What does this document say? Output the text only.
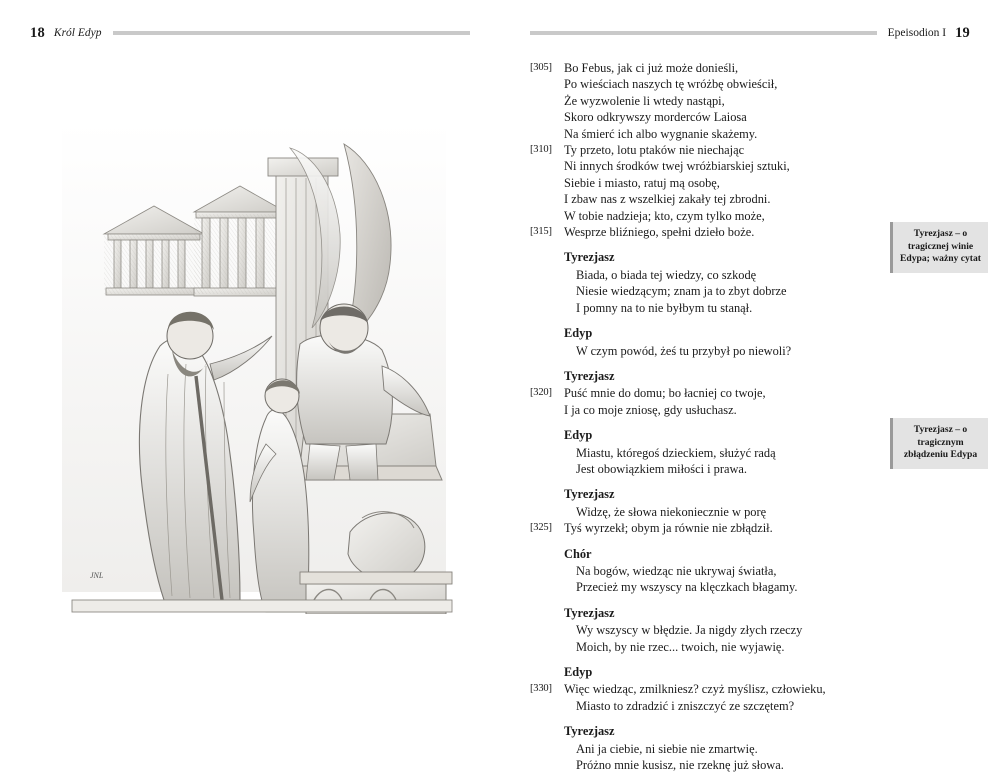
18 Król Edyp
JNL
Epeisodion I 19
[305] Bo Febus, jak ci już może donieśli,
Po wieściach naszych tę wróżbę obwieścił,
Że wyzwolenie li wtedy nastąpi,
Skoro odkrywszy morderców Laiosa
Na śmierć ich albo wygnanie skażemy.
[310] Ty przeto, lotu ptaków nie niechając
Ni innych środków twej wróżbiarskiej sztuki,
Siebie i miasto, ratuj mą osobę,
I zbaw nas z wszelkiej zakały tej zbrodni.
W tobie nadzieja; kto, czym tylko może,
[315] Wesprze bliźniego, spełni dzieło boże.
Tyrezjasz
Biada, o biada tej wiedzy, co szkodę
Niesie wiedzącym; znam ja to zbyt dobrze
I pomny na to nie byłbym tu stanął.
Edyp
W czym powód, żeś tu przybył po niewoli?
Tyrezjasz
[320] Puść mnie do domu; bo łacniej co twoje,
I ja co moje zniosę, gdy usłuchasz.
Edyp
Miastu, któregoś dzieckiem, służyć radą
Jest obowiązkiem miłości i prawa.
Tyrezjasz
Widzę, że słowa niekoniecznie w porę
[325] Tyś wyrzekł; obym ja równie nie zbłądził.
Chór
Na bogów, wiedząc nie ukrywaj światła,
Przecież my wszyscy na klęczkach błagamy.
Tyrezjasz
Wy wszyscy w błędzie. Ja nigdy złych rzeczy
Moich, by nie rzec... twoich, nie wyjawię.
Edyp
[330] Więc wiedząc, zmilkniesz? czyż myślisz, człowieku,
Miasto to zdradzić i zniszczyć ze szczętem?
Tyrezjasz
Ani ja ciebie, ni siebie nie zmartwię.
Próżno mnie kusisz, nie rzeknę już słowa.
Tyrezjasz – o tragicznej winie Edypa; ważny cytat
Tyrezjasz – o tragicznym zbłądzeniu Edypa
